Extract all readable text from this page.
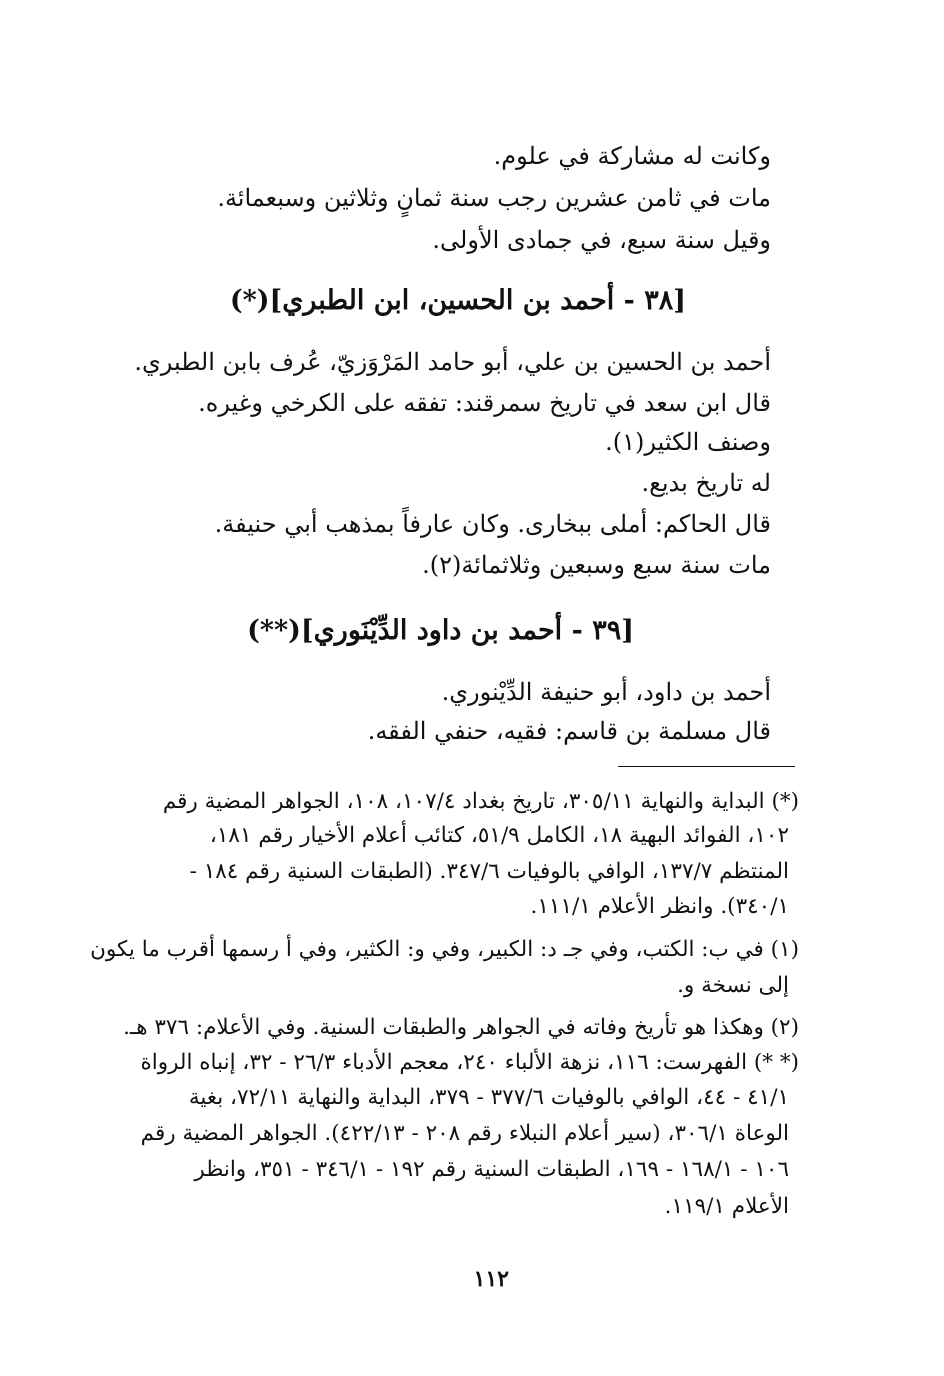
وكانت له مشاركة في علوم.
مات في ثامن عشرين رجب سنة ثمانٍ وثلاثين وسبعمائة.
وقيل سنة سبع، في جمادى الأولى.
[٣٨ - أحمد بن الحسين، ابن الطبري](*)
أحمد بن الحسين بن علي، أبو حامد المَرْوَزيّ، عُرف بابن الطبري.
قال ابن سعد في تاريخ سمرقند: تفقه على الكرخي وغيره.
وصنف الكثير(١).
له تاريخ بديع.
قال الحاكم: أملى ببخارى. وكان عارفاً بمذهب أبي حنيفة.
مات سنة سبع وسبعين وثلاثمائة(٢).
[٣٩ - أحمد بن داود الدِّيْنَوري](**)
أحمد بن داود، أبو حنيفة الدِّيْنوري.
قال مسلمة بن قاسم: فقيه، حنفي الفقه.
(*) البداية والنهاية ٣٠٥/١١، تاريخ بغداد ١٠٧/٤، ١٠٨، الجواهر المضية رقم
١٠٢، الفوائد البهية ١٨، الكامل ٥١/٩، كتائب أعلام الأخيار رقم ١٨١،
المنتظم ١٣٧/٧، الوافي بالوفيات ٣٤٧/٦. (الطبقات السنية رقم ١٨٤ -
٣٤٠/١). وانظر الأعلام ١١١/١.
(١) في ب: الكتب، وفي جـ د: الكبير، وفي و: الكثير، وفي أ رسمها أقرب ما يكون
إلى نسخة و.
(٢) وهكذا هو تأريخ وفاته في الجواهر والطبقات السنية. وفي الأعلام: ٣٧٦ هـ.
(* *) الفهرست: ١١٦، نزهة الألباء ٢٤٠، معجم الأدباء ٢٦/٣ - ٣٢، إنباه الرواة
٤١/١ - ٤٤، الوافي بالوفيات ٣٧٧/٦ - ٣٧٩، البداية والنهاية ٧٢/١١، بغية
الوعاة ٣٠٦/١، (سير أعلام النبلاء رقم ٢٠٨ - ٤٢٢/١٣). الجواهر المضية رقم
١٠٦ - ١٦٨/١ - ١٦٩، الطبقات السنية رقم ١٩٢ - ٣٤٦/١ - ٣٥١، وانظر
الأعلام ١١٩/١.
١١٢
